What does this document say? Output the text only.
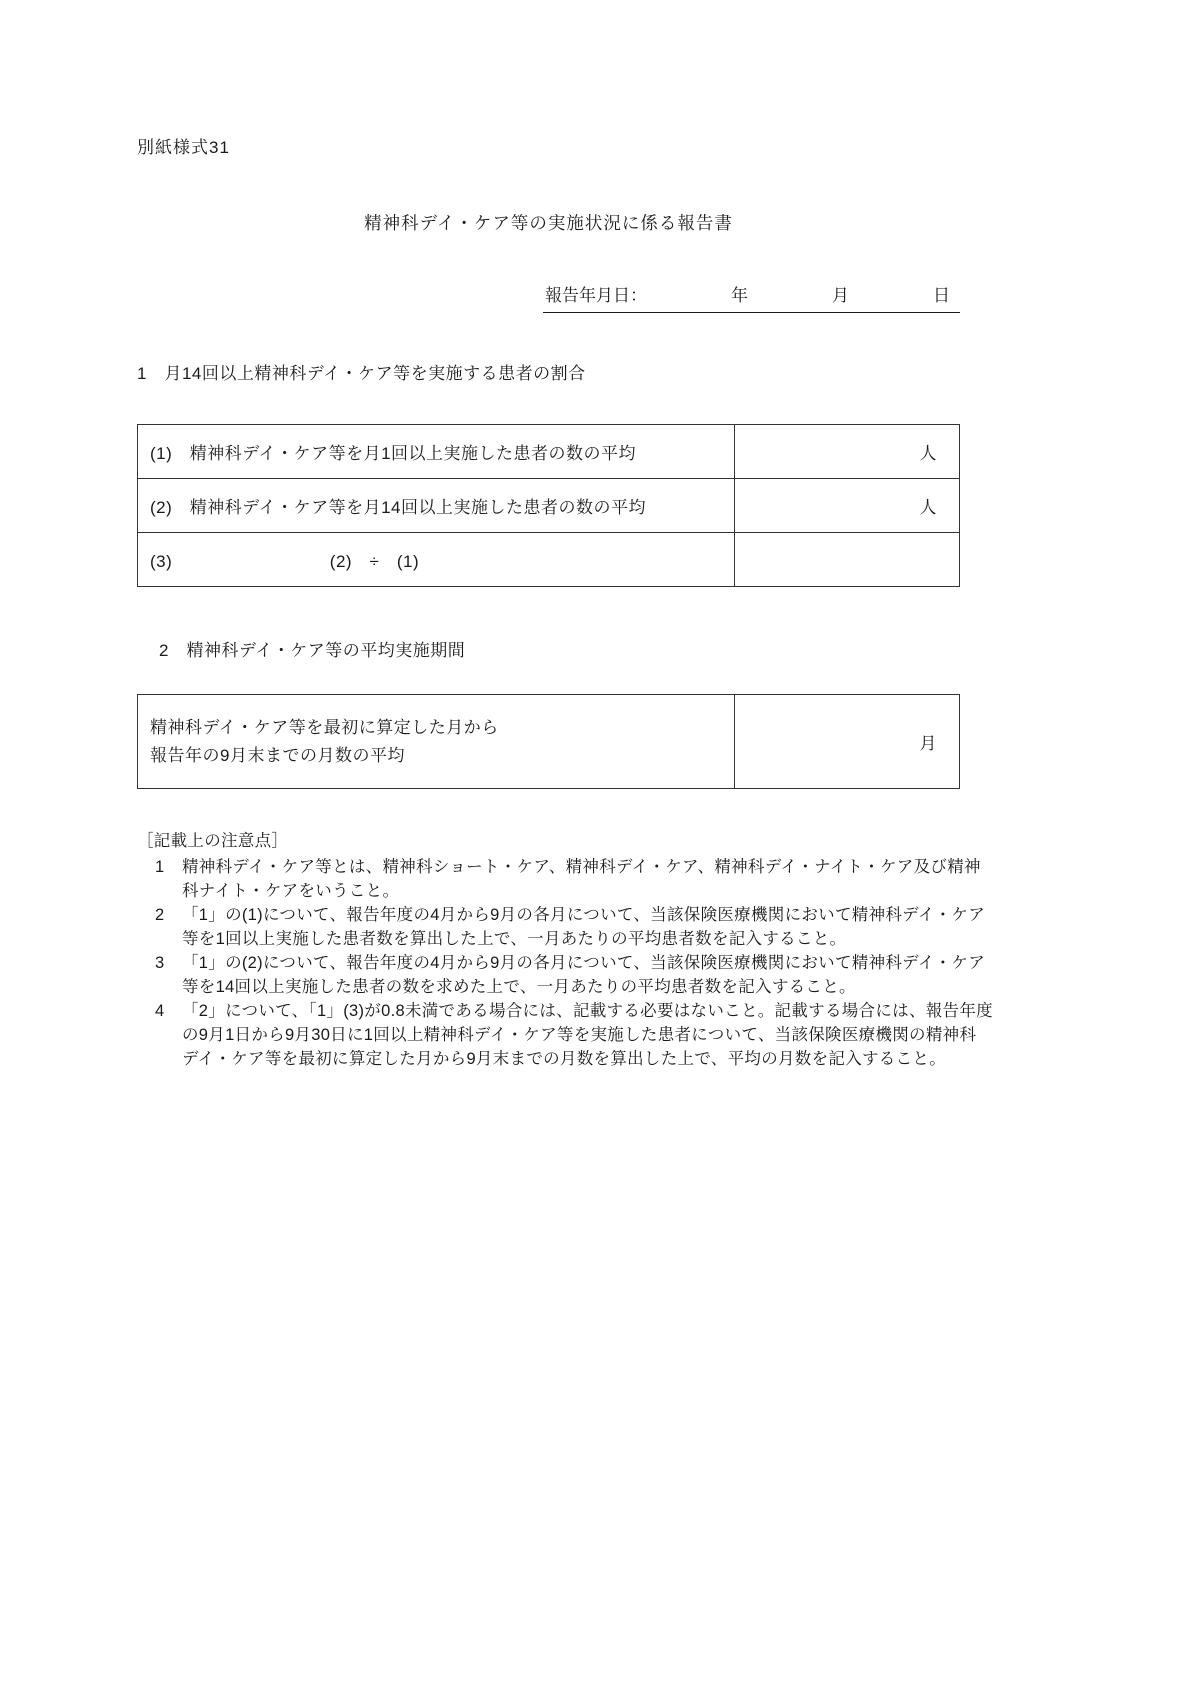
別紙様式31
精神科デイ・ケア等の実施状況に係る報告書
報告年月日：	年	月	日
1　月14回以上精神科デイ・ケア等を実施する患者の割合
(1)　精神科デイ・ケア等を月1回以上実施した患者の数の平均	人
(2)　精神科デイ・ケア等を月14回以上実施した患者の数の平均	人
(3)　　　　　　　　　(2)　÷　(1)	
2　精神科デイ・ケア等の平均実施期間
精神科デイ・ケア等を最初に算定した月から
報告年の9月末までの月数の平均
	月
［記載上の注意点］
1	精神科デイ・ケア等とは、精神科ショート・ケア、精神科デイ・ケア、精神科デイ・ナイト・ケア及び精神科ナイト・ケアをいうこと。
2	「1」の(1)について、報告年度の4月から9月の各月について、当該保険医療機関において精神科デイ・ケア等を1回以上実施した患者数を算出した上で、一月あたりの平均患者数を記入すること。
3	「1」の(2)について、報告年度の4月から9月の各月について、当該保険医療機関において精神科デイ・ケア等を14回以上実施した患者の数を求めた上で、一月あたりの平均患者数を記入すること。
4	「2」について、「1」(3)が0.8未満である場合には、記載する必要はないこと。記載する場合には、報告年度の9月1日から9月30日に1回以上精神科デイ・ケア等を実施した患者について、当該保険医療機関の精神科デイ・ケア等を最初に算定した月から9月末までの月数を算出した上で、平均の月数を記入すること。
